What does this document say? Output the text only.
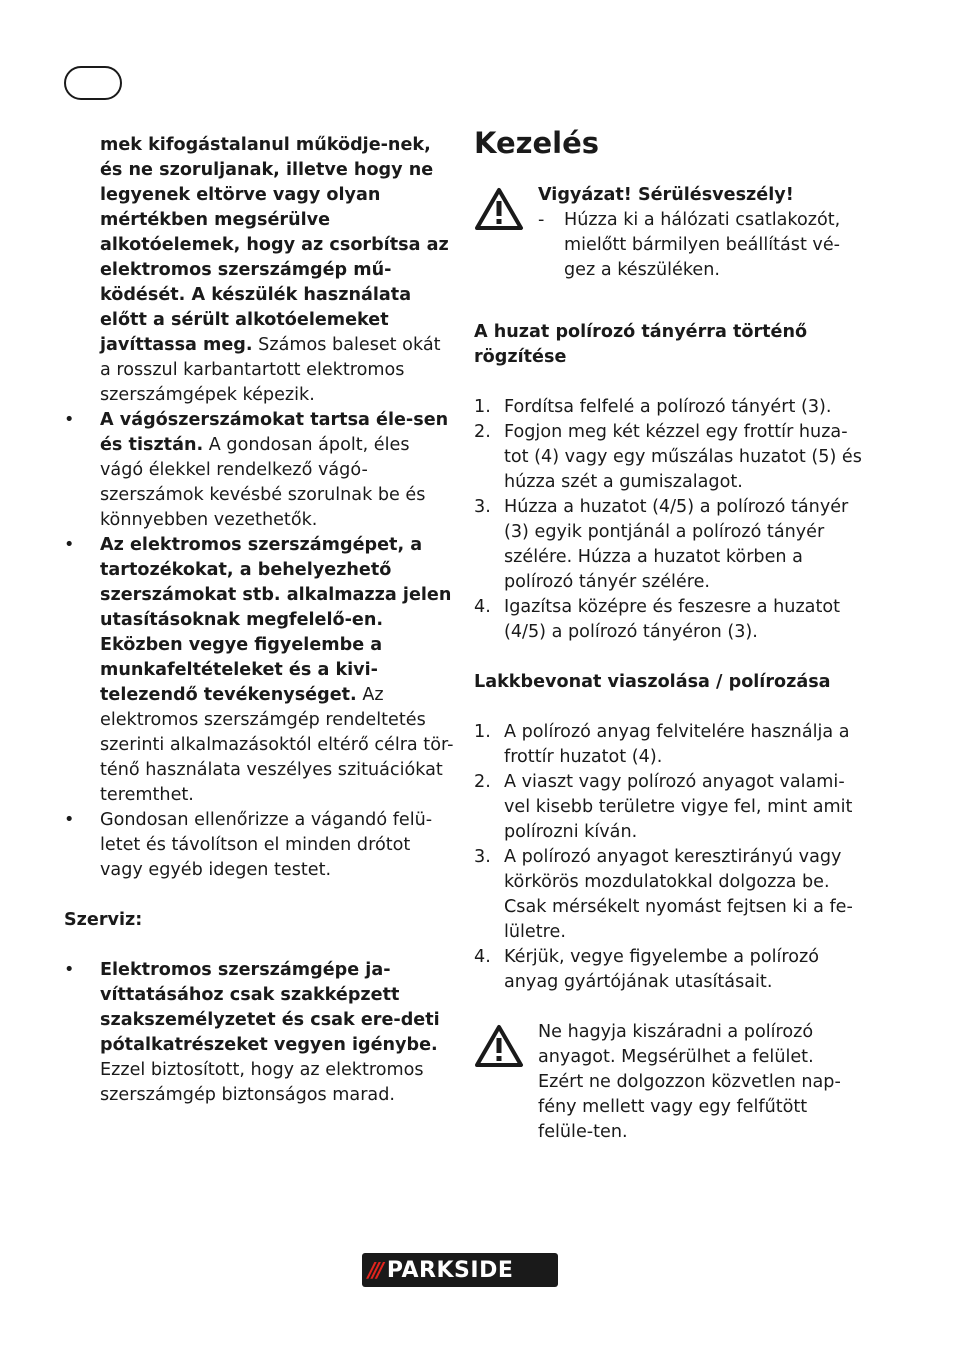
mek kifogástalanul működje-nek, és ne szoruljanak, illetve hogy ne legyenek eltörve vagy olyan mértékben megsérülve alkotóelemek, hogy az csorbítsa az elektromos szerszámgép mű-ködését. A készülék használata előtt a sérült alkotóelemeket javíttassa meg. Számos baleset okát a rosszul karbantartott elektromos szerszámgépek képezik.

• A vágószerszámokat tartsa éle-sen és tisztán. A gondosan ápolt, éles vágó élekkel rendelkező vágó-szerszámok kevésbé szorulnak be és könnyebben vezethetők.
• Az elektromos szerszámgépet, a tartozékokat, a behelyezhető szerszámokat stb. alkalmazza jelen utasításoknak megfelelő-en. Eközben vegye figyelembe a munkafeltételeket és a kivi-telezendő tevékenységet. Az elektromos szerszámgép rendeltetés szerinti alkalmazásoktól eltérő célra tör-ténő használata veszélyes szituációkat teremthet.
• Gondosan ellenőrizze a vágandó felü-letet és távolítson el minden drótot vagy egyéb idegen testet.

Szerviz:

• Elektromos szerszámgépe ja-víttatásához csak szakképzett szakszemélyzetet és csak ere-deti pótalkatrészeket vegyen igénybe. Ezzel biztosított, hogy az elektromos szerszámgép biztonságos marad.
Kezelés

Vigyázat! Sérülésveszély!

- Húzza ki a hálózati csatlakozót, mielőtt bármilyen beállítást vé-gez a készüléken.

A huzat polírozó tányérra történő rögzítése

1. Fordítsa felfelé a polírozó tányért (3).
2. Fogjon meg két kézzel egy frottír huza-tot (4) vagy egy műszálas huzatot (5) és húzza szét a gumiszalagot.
3. Húzza a huzatot (4/5) a polírozó tányér (3) egyik pontjánál a polírozó tányér szélére. Húzza a huzatot körben a polírozó tányér szélére.
4. Igazítsa középre és feszesre a huzatot (4/5) a polírozó tányéron (3).

Lakkbevonat viaszolása / polírozása

1. A polírozó anyag felvitelére használja a frottír huzatot (4).
2. A viaszt vagy polírozó anyagot valami-vel kisebb területre vigye fel, mint amit polírozni kíván.
3. A polírozó anyagot keresztirányú vagy körkörös mozdulatokkal dolgozza be. Csak mérsékelt nyomást fejtsen ki a fe-lületre.
4. Kérjük, vegye figyelembe a polírozó anyag gyártójának utasításait.
Ne hagyja kiszáradni a polírozó anyagot. Megsérülhet a felület. Ezért ne dolgozzon közvetlen nap-fény mellett vagy egy felfűtött felüle-ten.
/// PARKSIDE
